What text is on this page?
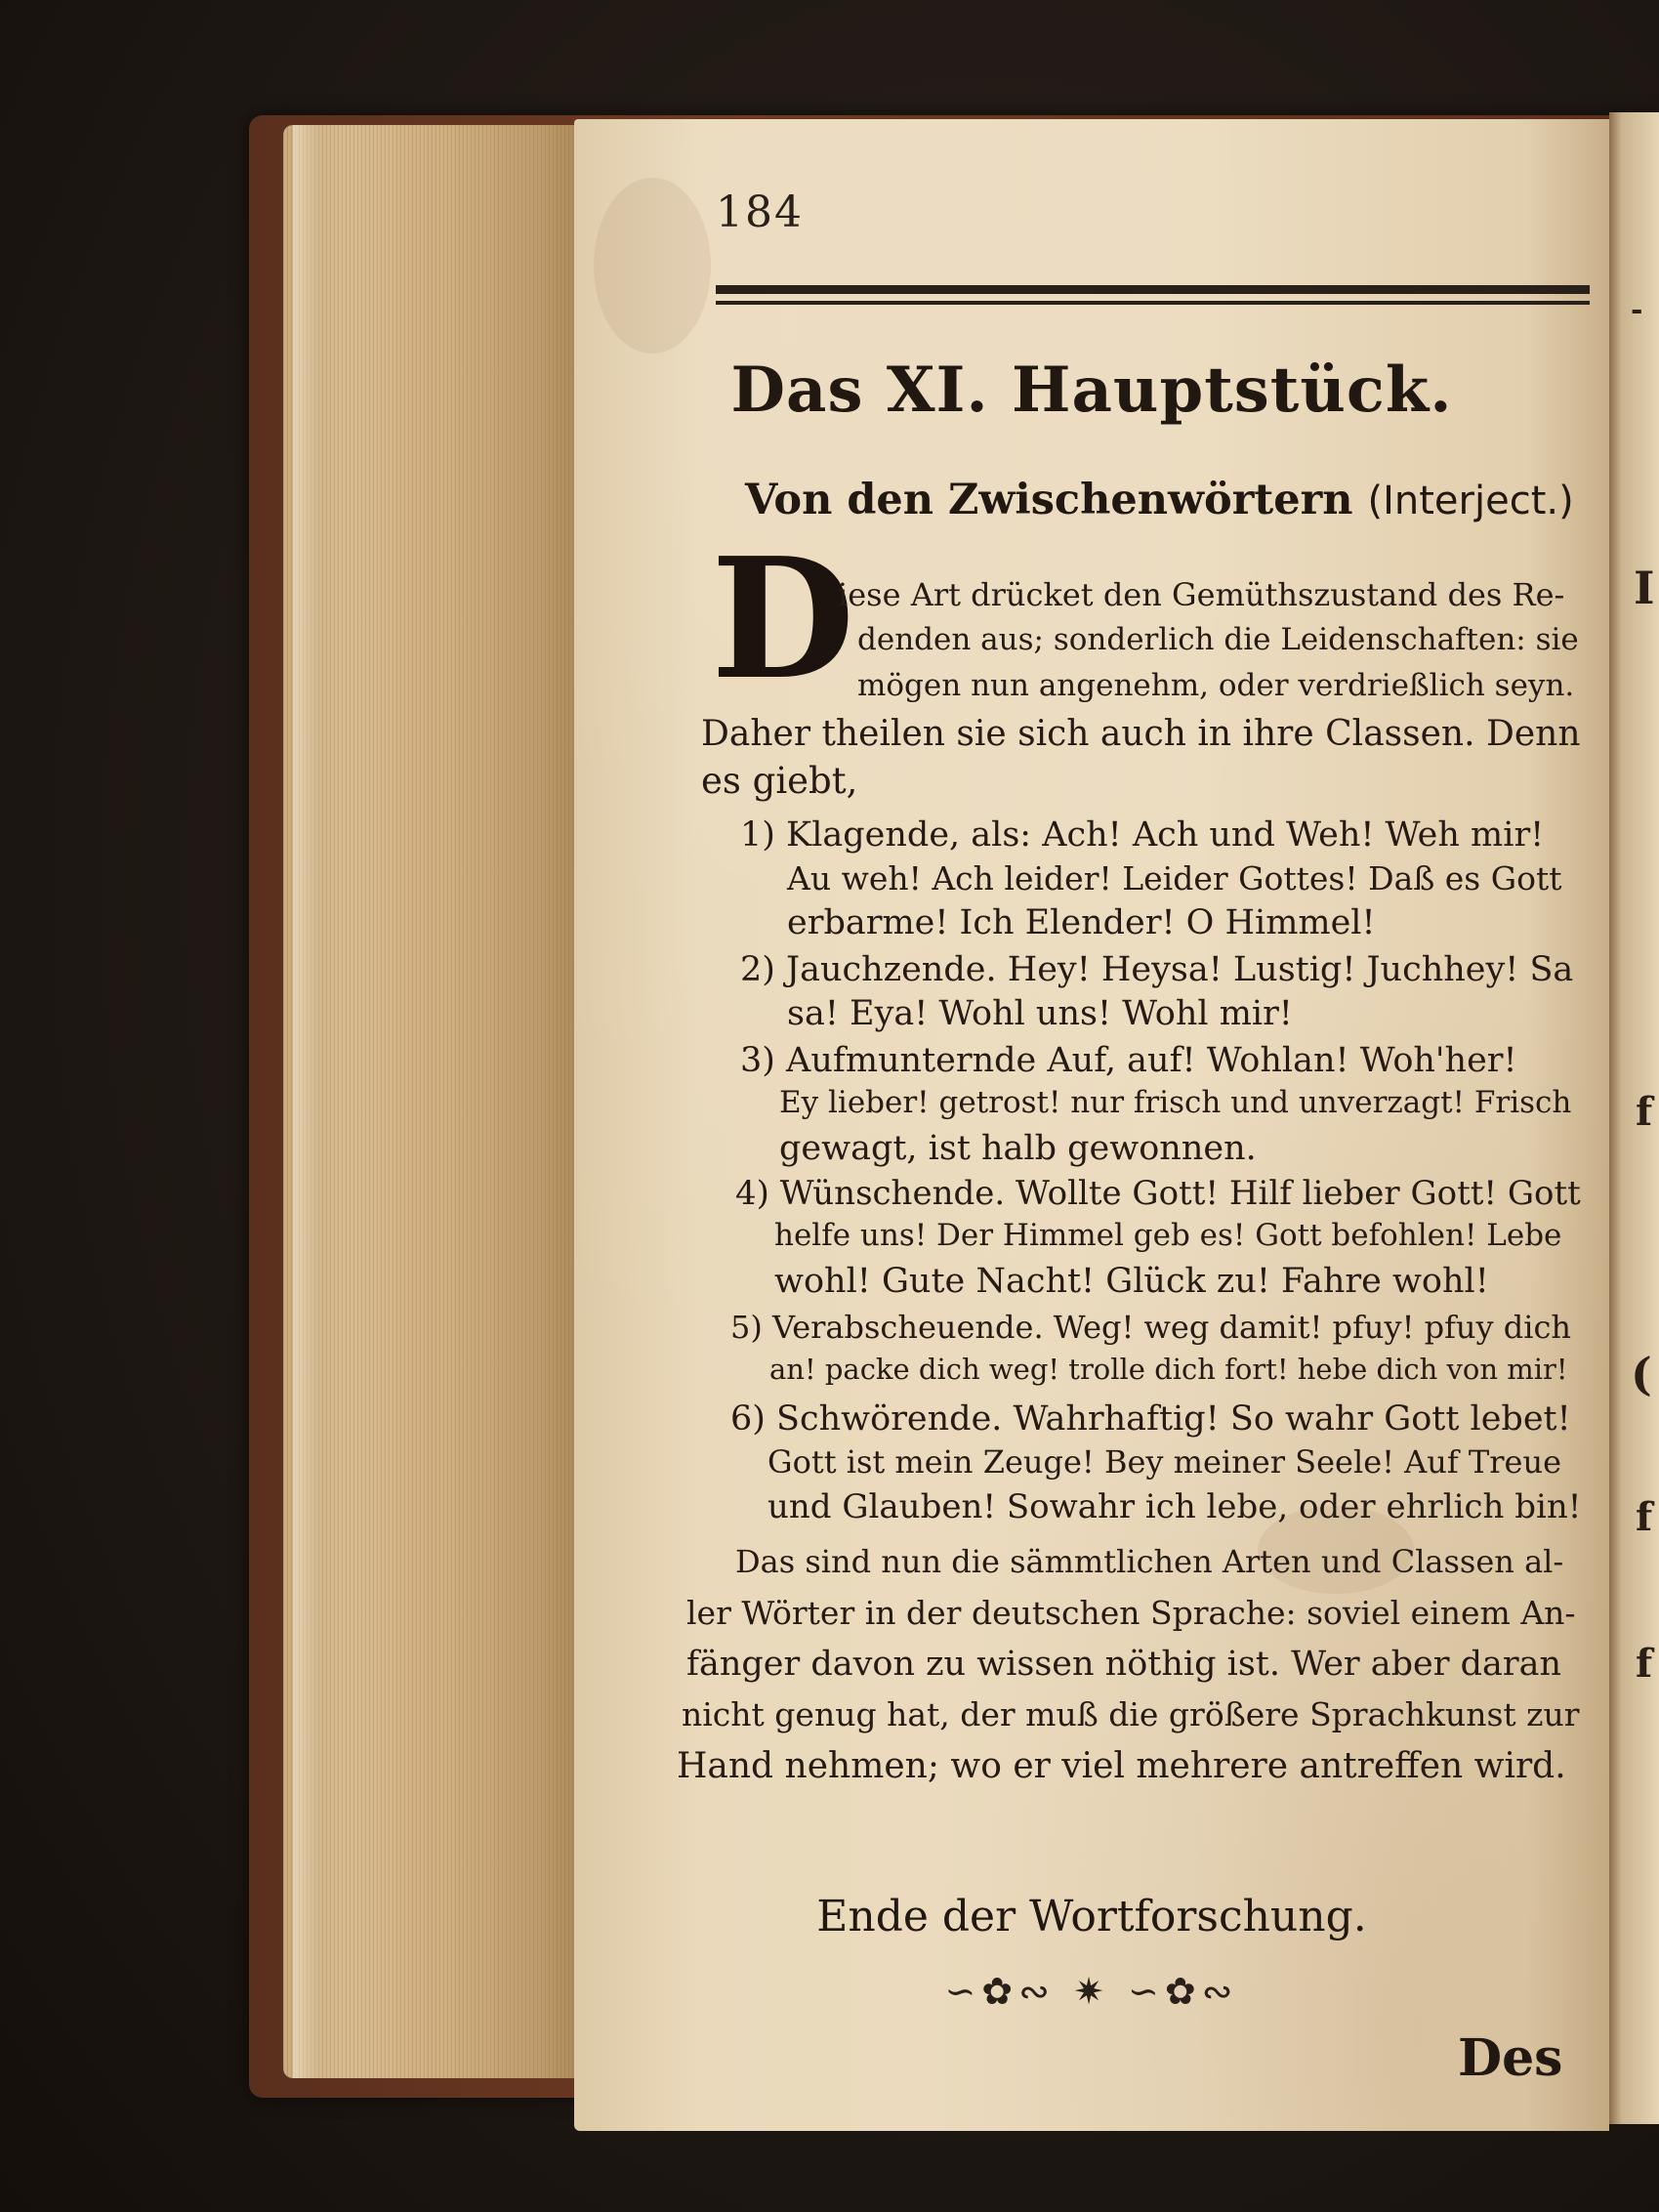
-
I
f
(
f
f
184
Das XI. Hauptstück.
Von den Zwischenwörtern (Interject.)
D
iese Art drücket den Gemüthszustand des Re-
denden aus; sonderlich die Leidenschaften: sie
mögen nun angenehm, oder verdrießlich seyn.
Daher theilen sie sich auch in ihre Classen. Denn
es giebt,
1) Klagende, als: Ach! Ach und Weh! Weh mir!
Au weh! Ach leider! Leider Gottes! Daß es Gott
erbarme! Ich Elender! O Himmel!
2) Jauchzende. Hey! Heysa! Lustig! Juchhey! Sa
sa! Eya! Wohl uns! Wohl mir!
3) Aufmunternde Auf, auf! Wohlan! Woh'her!
Ey lieber! getrost! nur frisch und unverzagt! Frisch
gewagt, ist halb gewonnen.
4) Wünschende. Wollte Gott! Hilf lieber Gott! Gott
helfe uns! Der Himmel geb es! Gott befohlen! Lebe
wohl! Gute Nacht! Glück zu! Fahre wohl!
5) Verabscheuende. Weg! weg damit! pfuy! pfuy dich
an! packe dich weg! trolle dich fort! hebe dich von mir!
6) Schwörende. Wahrhaftig! So wahr Gott lebet!
Gott ist mein Zeuge! Bey meiner Seele! Auf Treue
und Glauben! Sowahr ich lebe, oder ehrlich bin!
Das sind nun die sämmtlichen Arten und Classen al-
ler Wörter in der deutschen Sprache: soviel einem An-
fänger davon zu wissen nöthig ist. Wer aber daran
nicht genug hat, der muß die größere Sprachkunst zur
Hand nehmen; wo er viel mehrere antreffen wird.
Ende der Wortforschung.
∽✿∾ ✷ ∽✿∾
Des
